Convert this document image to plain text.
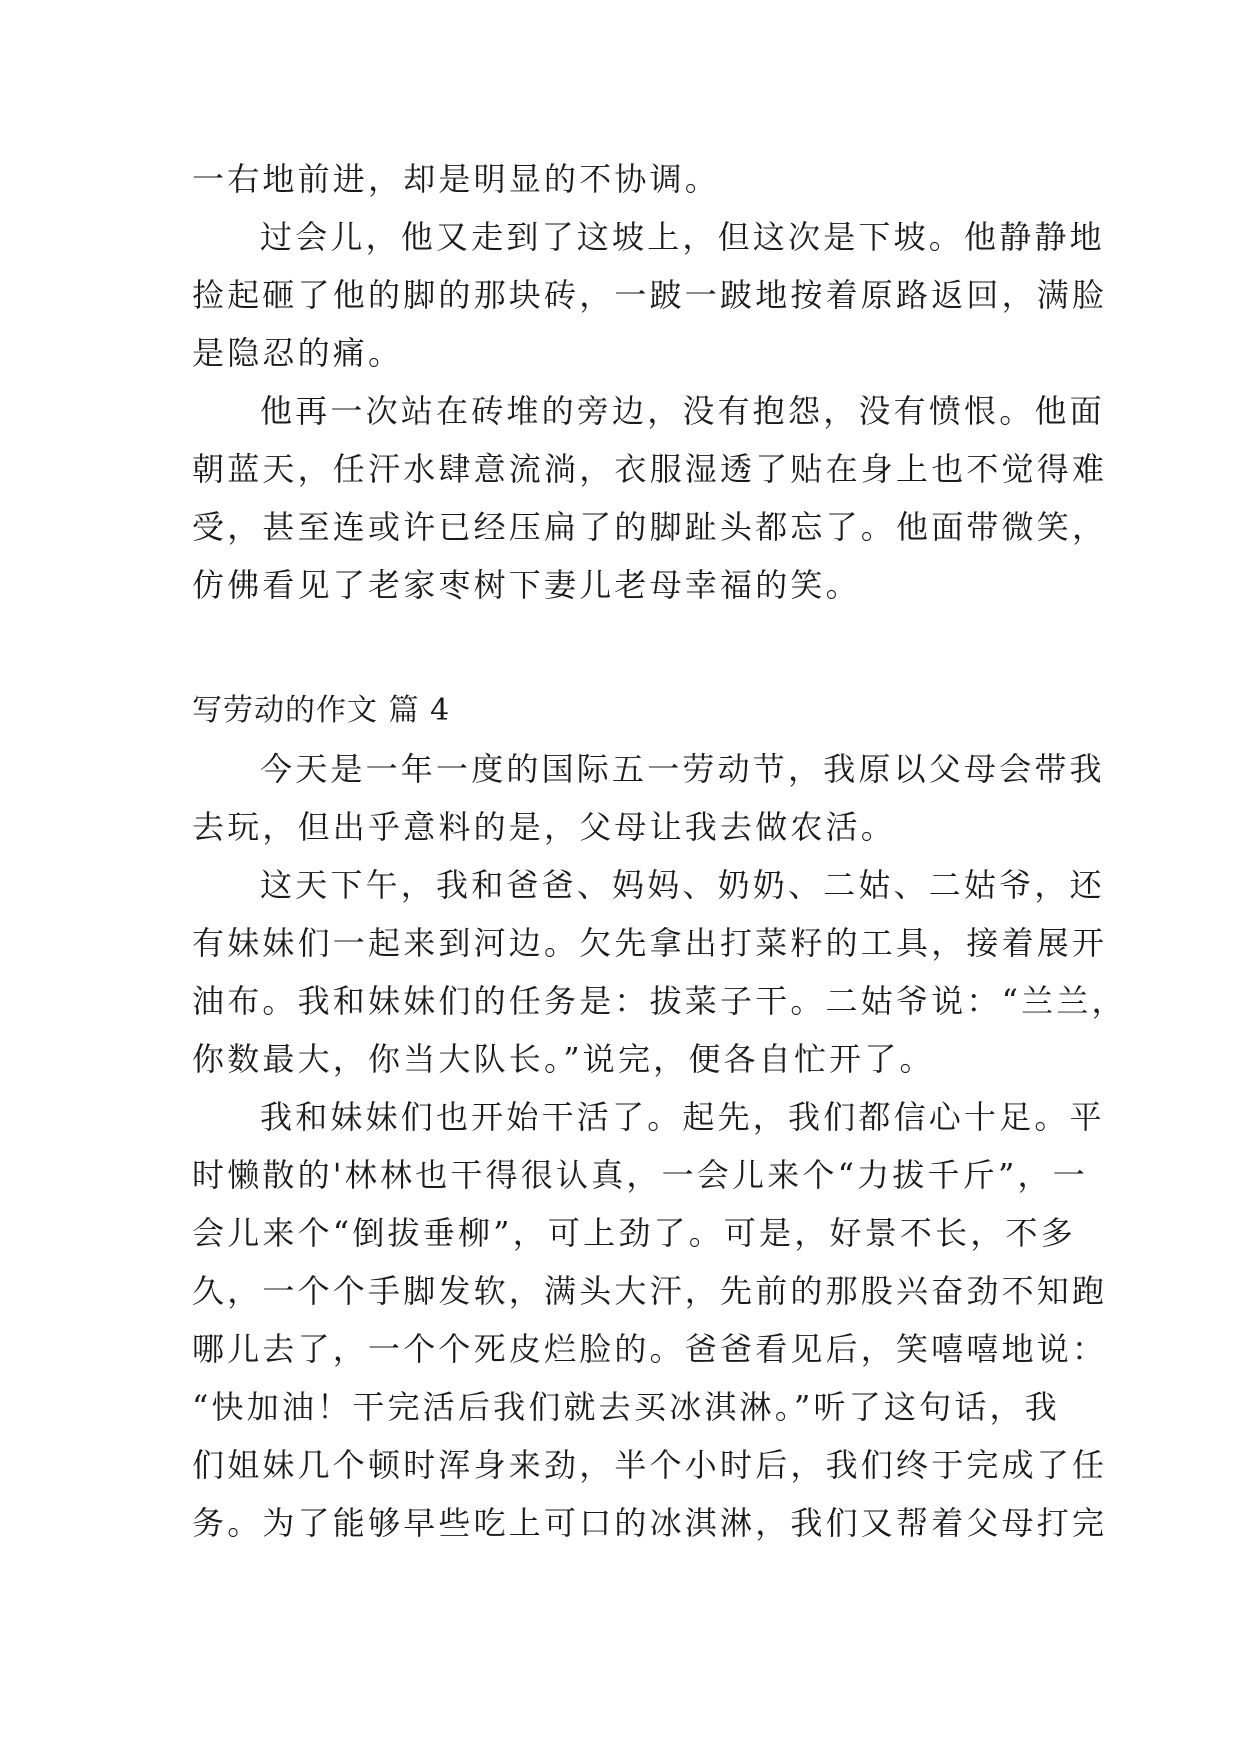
一右地前进，却是明显的不协调。

过会儿，他又走到了这坡上，但这次是下坡。他静静地
捡起砸了他的脚的那块砖，一跛一跛地按着原路返回，满脸
是隐忍的痛。

他再一次站在砖堆的旁边，没有抱怨，没有愤恨。他面
朝蓝天，任汗水肆意流淌，衣服湿透了贴在身上也不觉得难
受，甚至连或许已经压扁了的脚趾头都忘了。他面带微笑，
仿佛看见了老家枣树下妻儿老母幸福的笑。

写劳动的作文 篇 4

今天是一年一度的国际五一劳动节，我原以父母会带我
去玩，但出乎意料的是，父母让我去做农活。

这天下午，我和爸爸、妈妈、奶奶、二姑、二姑爷，还
有妹妹们一起来到河边。欠先拿出打菜籽的工具，接着展开
油布。我和妹妹们的任务是：拔菜子干。二姑爷说：“兰兰，
你数最大，你当大队长。”说完，便各自忙开了。

我和妹妹们也开始干活了。起先，我们都信心十足。平
时懒散的'林林也干得很认真，一会儿来个“力拔千斤”，一
会儿来个“倒拔垂柳”，可上劲了。可是，好景不长，不多
久，一个个手脚发软，满头大汗，先前的那股兴奋劲不知跑
哪儿去了，一个个死皮烂脸的。爸爸看见后，笑嘻嘻地说：
“快加油！干完活后我们就去买冰淇淋。”听了这句话，我
们姐妹几个顿时浑身来劲，半个小时后，我们终于完成了任
务。为了能够早些吃上可口的冰淇淋，我们又帮着父母打完
